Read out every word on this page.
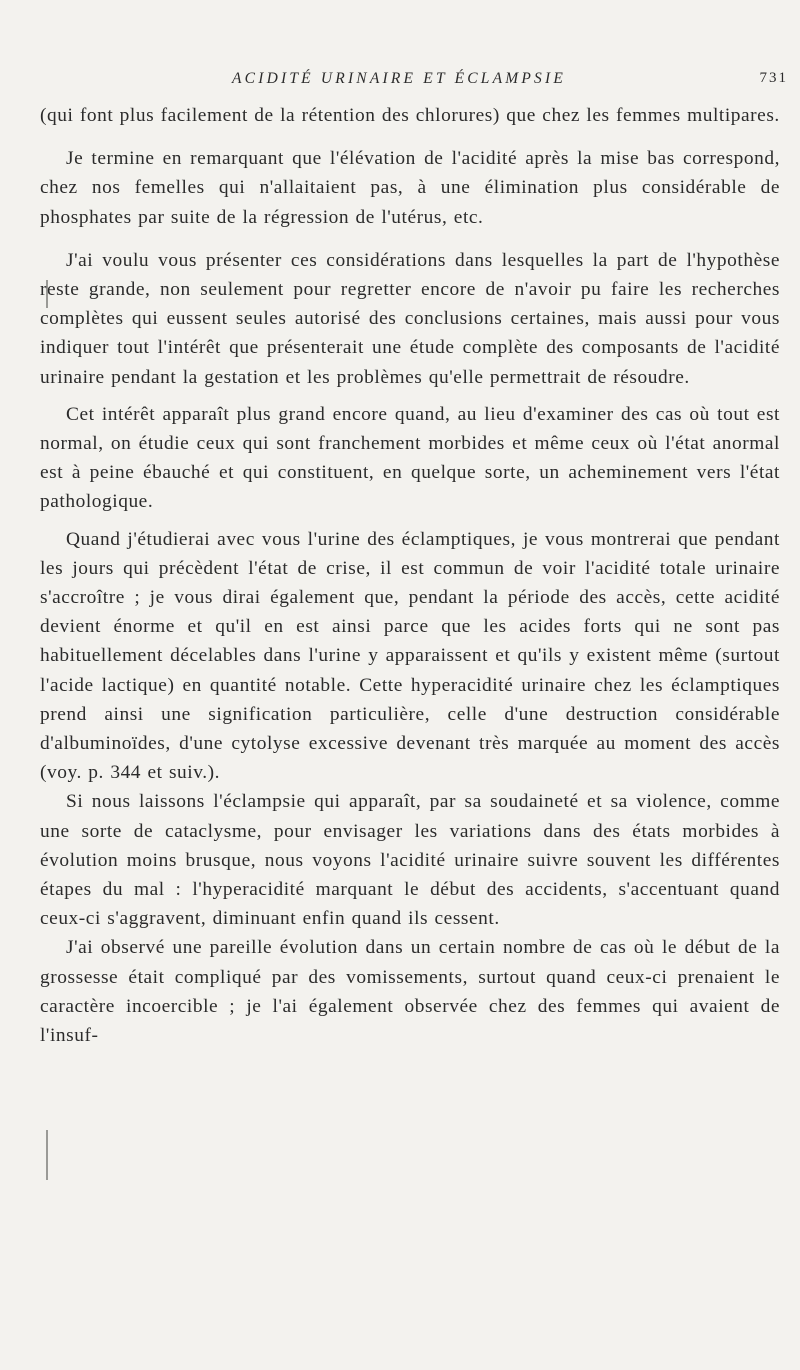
ACIDITÉ URINAIRE ET ÉCLAMPSIE	731

(qui font plus facilement de la rétention des chlorures) que chez les femmes multipares.

Je termine en remarquant que l'élévation de l'acidité après la mise bas correspond, chez nos femelles qui n'allaitaient pas, à une élimination plus considérable de phosphates par suite de la régression de l'utérus, etc.

J'ai voulu vous présenter ces considérations dans lesquelles la part de l'hypothèse reste grande, non seulement pour regretter encore de n'avoir pu faire les recherches complètes qui eussent seules autorisé des conclusions certaines, mais aussi pour vous indiquer tout l'intérêt que présenterait une étude complète des composants de l'acidité urinaire pendant la gestation et les problèmes qu'elle permettrait de résoudre.

Cet intérêt apparaît plus grand encore quand, au lieu d'examiner des cas où tout est normal, on étudie ceux qui sont franchement morbides et même ceux où l'état anormal est à peine ébauché et qui constituent, en quelque sorte, un acheminement vers l'état pathologique.

Quand j'étudierai avec vous l'urine des éclamptiques, je vous montrerai que pendant les jours qui précèdent l'état de crise, il est commun de voir l'acidité totale urinaire s'accroître ; je vous dirai également que, pendant la période des accès, cette acidité devient énorme et qu'il en est ainsi parce que les acides forts qui ne sont pas habituellement décelables dans l'urine y apparaissent et qu'ils y existent même (surtout l'acide lactique) en quantité notable. Cette hyperacidité urinaire chez les éclamptiques prend ainsi une signification particulière, celle d'une destruction considérable d'albuminoïdes, d'une cytolyse excessive devenant très marquée au moment des accès (voy. p. 344 et suiv.).

Si nous laissons l'éclampsie qui apparaît, par sa soudaineté et sa violence, comme une sorte de cataclysme, pour envisager les variations dans des états morbides à évolution moins brusque, nous voyons l'acidité urinaire suivre souvent les différentes étapes du mal : l'hyperacidité marquant le début des accidents, s'accentuant quand ceux-ci s'aggravent, diminuant enfin quand ils cessent.

J'ai observé une pareille évolution dans un certain nombre de cas où le début de la grossesse était compliqué par des vomissements, surtout quand ceux-ci prenaient le caractère incoercible ; je l'ai également observée chez des femmes qui avaient de l'insuf-
